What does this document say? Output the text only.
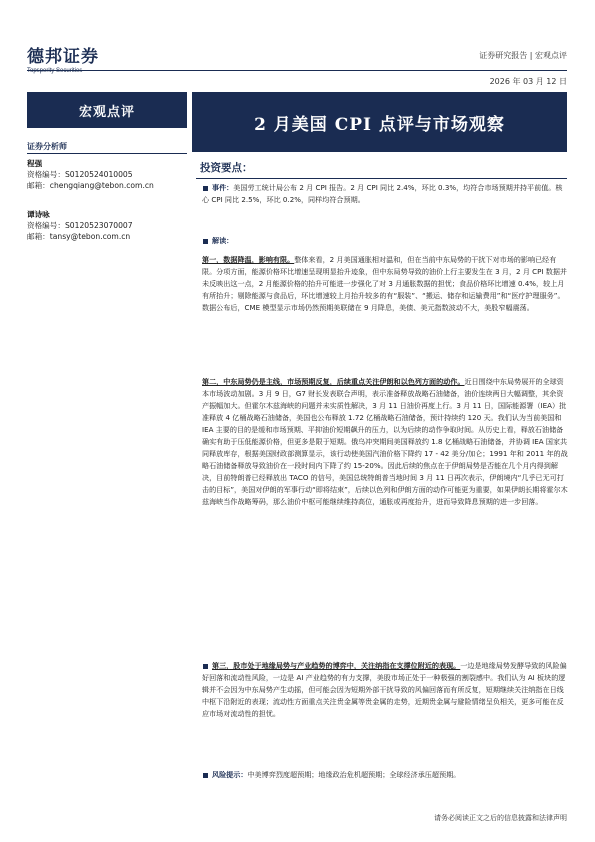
德邦证券
Topsperity Securities
证券研究报告 | 宏观点评
2026 年 03 月 12 日
宏观点评
2 月美国 CPI 点评与市场观察
证券分析师
程强
资格编号：S0120524010005
邮箱：chengqiang@tebon.com.cn
谭诗咏
资格编号：S0120523070007
邮箱：tansy@tebon.com.cn
投资要点：
事件：美国劳工统计局公布 2 月 CPI 报告。2 月 CPI 同比 2.4%，环比 0.3%，均符合市场预期并持平前值。核心 CPI 同比 2.5%，环比 0.2%，同样均符合预期。
解读：
第一，数据降温，影响有限。整体来看，2 月美国通胀相对温和，但在当前中东局势的干扰下对市场的影响已经有限。分项方面，能源价格环比增速呈现明显抬升迹象，但中东局势导致的油价上行主要发生在 3 月，2 月 CPI 数据并未反映出这一点，2 月能源价格的抬升可能进一步强化了对 3 月通胀数据的担忧；食品价格环比增速 0.4%，较上月有所抬升；剔除能源与食品后，环比增速较上月抬升较多的有“服装”、“搬运、储存和运输费用”和“医疗护理服务”。数据公布后，CME 模型显示市场仍然预期美联储在 9 月降息，美债、美元指数波动不大，美股窄幅震荡。
第二，中东局势仍是主线，市场预期反复，后续重点关注伊朗和以色列方面的动作。近日围绕中东局势展开的全球资本市场波动加剧。3 月 9 日，G7 财长发表联合声明，表示准备释放战略石油储备，油价连续两日大幅调整，其余资产振幅加大。但霍尔木兹海峡的问题并未实质性解决，3 月 11 日油价再度上行。3 月 11 日，国际能源署（IEA）批准释放 4 亿桶战略石油储备，美国也公布释放 1.72 亿桶战略石油储备，预计持续约 120 天。我们认为当前美国和 IEA 主要的目的是缓和市场预期、平抑油价短期飙升的压力，以为后续的动作争取时间。从历史上看，释放石油储备确实有助于压低能源价格，但更多是限于短期。俄乌冲突期间美国释放约 1.8 亿桶战略石油储备，并协调 IEA 国家共同释放库存，根据美国财政部测算显示，该行动使美国汽油价格下降约 17 - 42 美分/加仑；1991 年和 2011 年的战略石油储备释放导致油价在一段时间内下降了约 15-20%。因此后续的焦点在于伊朗局势是否能在几个月内得到解决，目前特朗普已经释放出 TACO 的信号，美国总统特朗普当地时间 3 月 11 日再次表示，伊朗境内“几乎已无可打击的目标”，美国对伊朗的军事行动“即将结束”，后续以色列和伊朗方面的动作可能更为重要，如果伊朗长期将霍尔木兹海峡当作战略筹码，那么油价中枢可能继续维持高位，通胀或再度抬升，进而导致降息预期的进一步回落。
第三，股市处于地缘局势与产业趋势的博弈中，关注纳指在支撑位附近的表现。一边是地缘局势发酵导致的风险偏好回落和流动性风险，一边是 AI 产业趋势的有力支撑，美股市场正处于一种极强的割裂感中。我们认为 AI 板块的逻辑并不会因为中东局势产生动摇，但可能会因为短期外部干扰导致的风偏回落而有所反复，短期继续关注纳指在日线中枢下沿附近的表现；流动性方面重点关注贵金属等贵金属的走势，近期贵金属与避险情绪呈负相关，更多可能在反应市场对流动性的担忧。
风险提示：中美博弈烈度超预期；地缘政治危机超预期；全球经济承压超预期。
请务必阅读正文之后的信息披露和法律声明
